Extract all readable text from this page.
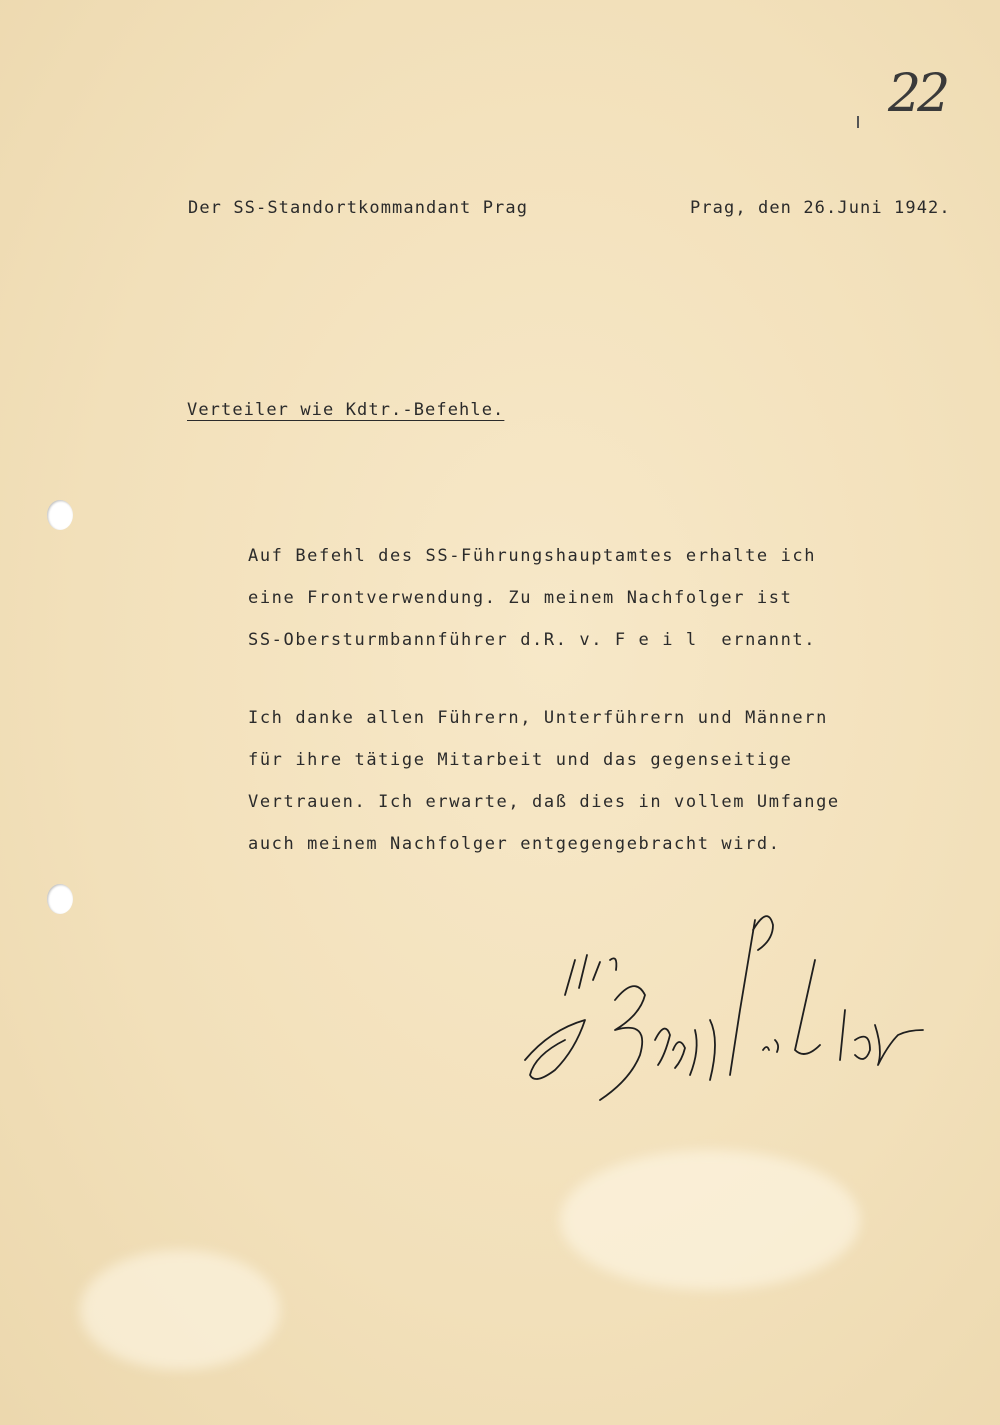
22
Der SS-Standortkommandant Prag	Prag, den 26.Juni 1942.
Verteiler wie Kdtr.-Befehle.
Auf Befehl des SS-Führungshauptamtes erhalte ich
eine Frontverwendung. Zu meinem Nachfolger ist
SS-Obersturmbannführer d.R. v. F e i l  ernannt.
Ich danke allen Führern, Unterführern und Männern
für ihre tätige Mitarbeit und das gegenseitige
Vertrauen. Ich erwarte, daß dies in vollem Umfange
auch meinem Nachfolger entgegengebracht wird.
